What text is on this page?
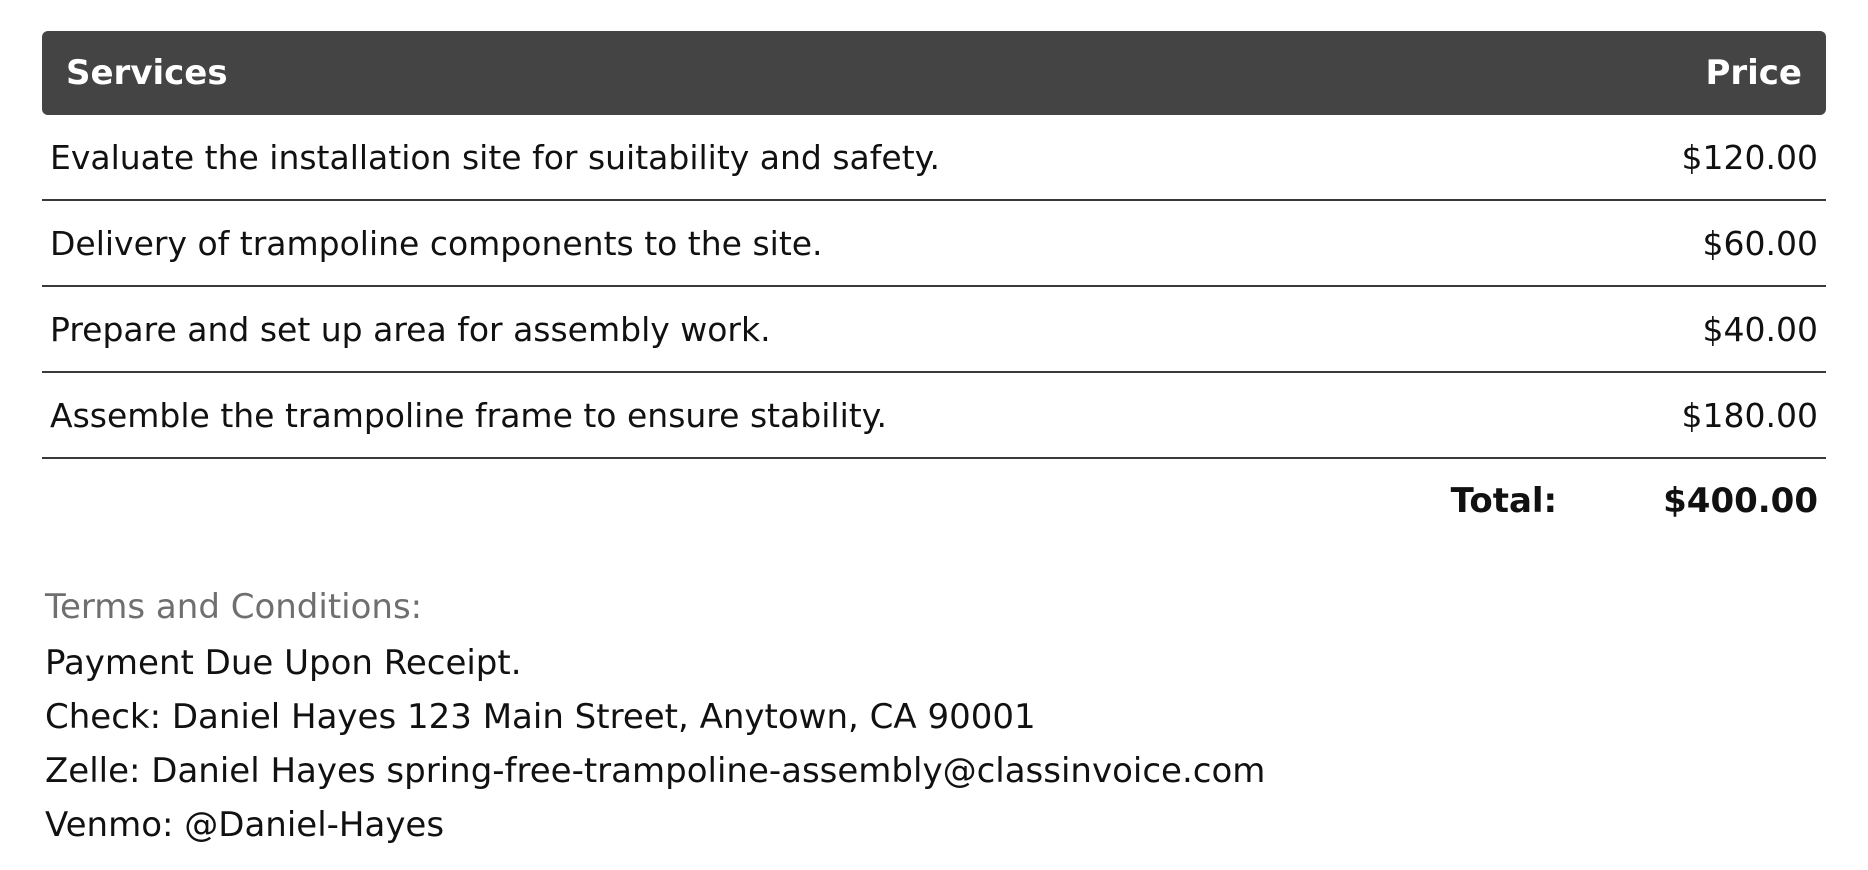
Services	Price
Evaluate the installation site for suitability and safety.	$120.00
Delivery of trampoline components to the site.	$60.00
Prepare and set up area for assembly work.	$40.00
Assemble the trampoline frame to ensure stability.	$180.00
Total:	$400.00
Terms and Conditions:
Payment Due Upon Receipt.
Check: Daniel Hayes 123 Main Street, Anytown, CA 90001
Zelle: Daniel Hayes spring-free-trampoline-assembly@classinvoice.com
Venmo: @Daniel-Hayes
